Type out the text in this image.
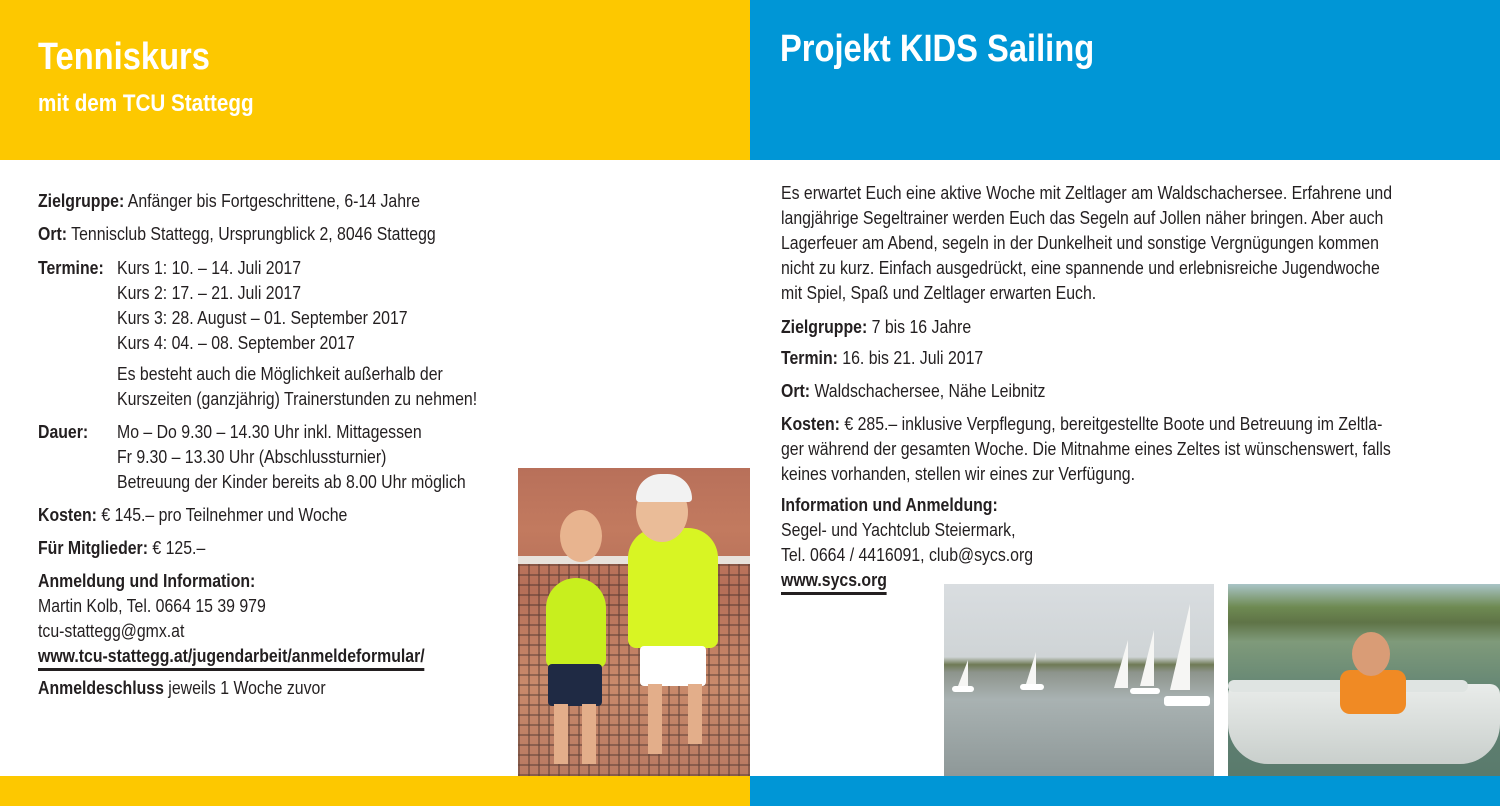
Tenniskurs
mit dem TCU Stattegg
Projekt KIDS Sailing
Zielgruppe: Anfänger bis Fortgeschrittene, 6-14 Jahre
Ort: Tennisclub Stattegg, Ursprungblick 2, 8046 Stattegg
Termine: Kurs 1: 10. – 14. Juli 2017
Kurs 2: 17. – 21. Juli 2017
Kurs 3: 28. August – 01. September 2017
Kurs 4: 04. – 08. September 2017
Es besteht auch die Möglichkeit außerhalb der
Kurszeiten (ganzjährig) Trainerstunden zu nehmen!
Dauer: Mo – Do 9.30 – 14.30 Uhr inkl. Mittagessen
Fr 9.30 – 13.30 Uhr (Abschlussturnier)
Betreuung der Kinder bereits ab 8.00 Uhr möglich
Kosten: € 145.– pro Teilnehmer und Woche
Für Mitglieder: € 125.–
Anmeldung und Information:
Martin Kolb, Tel. 0664 15 39 979
tcu-stattegg@gmx.at
www.tcu-stattegg.at/jugendarbeit/anmeldeformular/
Anmeldeschluss jeweils 1 Woche zuvor
Es erwartet Euch eine aktive Woche mit Zeltlager am Waldschachersee. Erfahrene und
langjährige Segeltrainer werden Euch das Segeln auf Jollen näher bringen. Aber auch
Lagerfeuer am Abend, segeln in der Dunkelheit und sonstige Vergnügungen kommen
nicht zu kurz. Einfach ausgedrückt, eine spannende und erlebnisreiche Jugendwoche
mit Spiel, Spaß und Zeltlager erwarten Euch.
Zielgruppe: 7 bis 16 Jahre
Termin: 16. bis 21. Juli 2017
Ort: Waldschachersee, Nähe Leibnitz
Kosten: € 285.– inklusive Verpflegung, bereitgestellte Boote und Betreuung im Zeltla-
ger während der gesamten Woche. Die Mitnahme eines Zeltes ist wünschenswert, falls
keines vorhanden, stellen wir eines zur Verfügung.
Information und Anmeldung:
Segel- und Yachtclub Steiermark,
Tel. 0664 / 4416091, club@sycs.org
www.sycs.org
